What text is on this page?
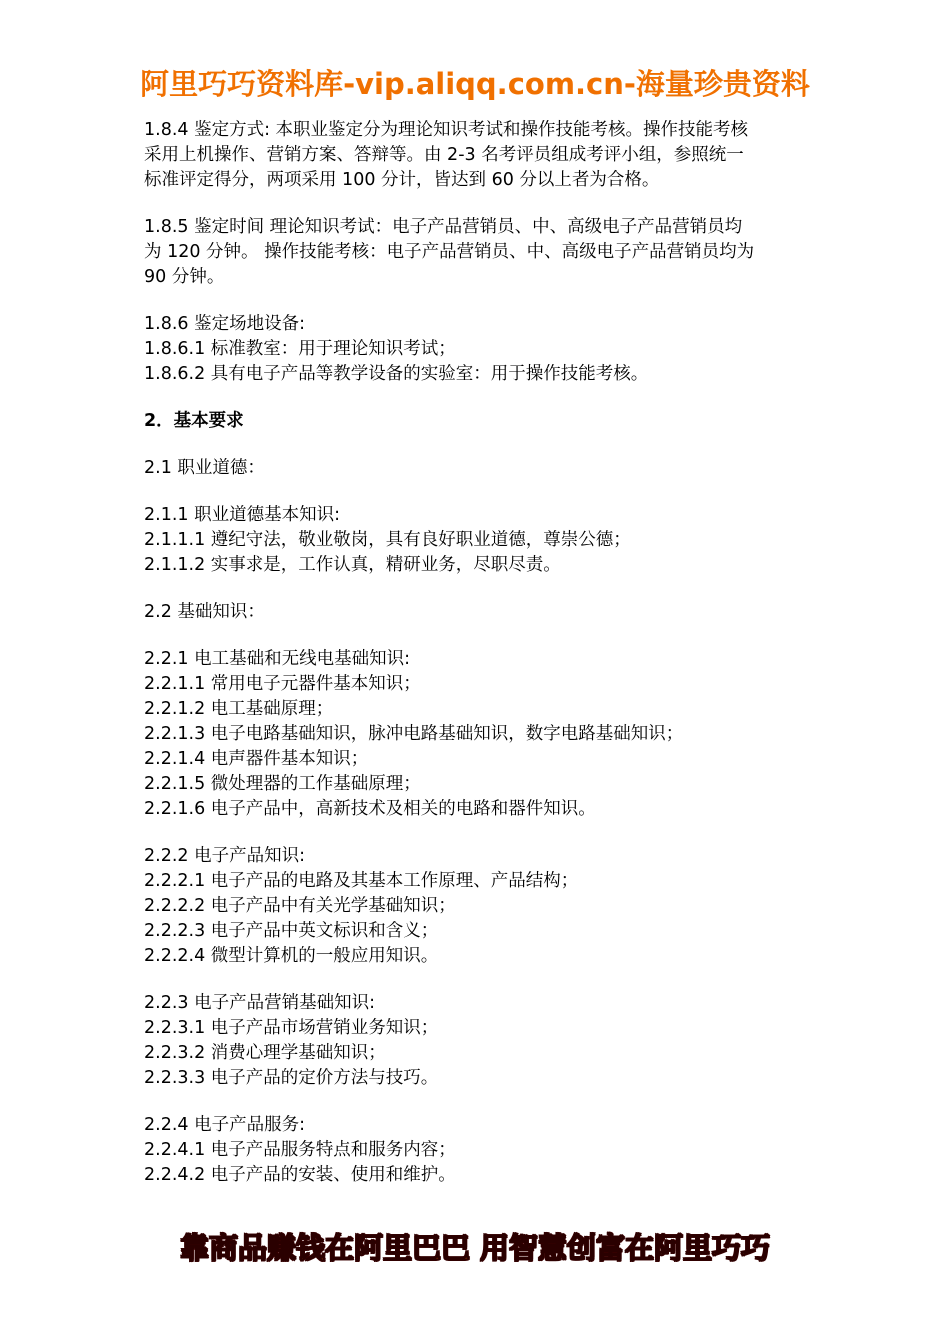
阿里巧巧资料库-vip.aliqq.com.cn-海量珍贵资料
1.8.4 鉴定方式: 本职业鉴定分为理论知识考试和操作技能考核。操作技能考核
采用上机操作、营销方案、答辩等。由 2-3 名考评员组成考评小组，参照统一
标准评定得分，两项采用 100 分计，皆达到 60 分以上者为合格。
1.8.5 鉴定时间 理论知识考试：电子产品营销员、中、高级电子产品营销员均
为 120 分钟。 操作技能考核：电子产品营销员、中、高级电子产品营销员均为
90 分钟。
1.8.6 鉴定场地设备:
1.8.6.1 标准教室：用于理论知识考试；
1.8.6.2 具有电子产品等教学设备的实验室：用于操作技能考核。
2．基本要求
2.1 职业道德：
2.1.1 职业道德基本知识:
2.1.1.1 遵纪守法，敬业敬岗，具有良好职业道德，尊崇公德；
2.1.1.2 实事求是，工作认真，精研业务，尽职尽责。
2.2 基础知识：
2.2.1 电工基础和无线电基础知识:
2.2.1.1 常用电子元器件基本知识；
2.2.1.2 电工基础原理；
2.2.1.3 电子电路基础知识，脉冲电路基础知识，数字电路基础知识；
2.2.1.4 电声器件基本知识；
2.2.1.5 微处理器的工作基础原理；
2.2.1.6 电子产品中，高新技术及相关的电路和器件知识。
2.2.2 电子产品知识:
2.2.2.1 电子产品的电路及其基本工作原理、产品结构；
2.2.2.2 电子产品中有关光学基础知识；
2.2.2.3 电子产品中英文标识和含义；
2.2.2.4 微型计算机的一般应用知识。
2.2.3 电子产品营销基础知识:
2.2.3.1 电子产品市场营销业务知识；
2.2.3.2 消费心理学基础知识；
2.2.3.3 电子产品的定价方法与技巧。
2.2.4 电子产品服务:
2.2.4.1 电子产品服务特点和服务内容；
2.2.4.2 电子产品的安装、使用和维护。
靠商品赚钱在阿里巴巴 用智慧创富在阿里巧巧
